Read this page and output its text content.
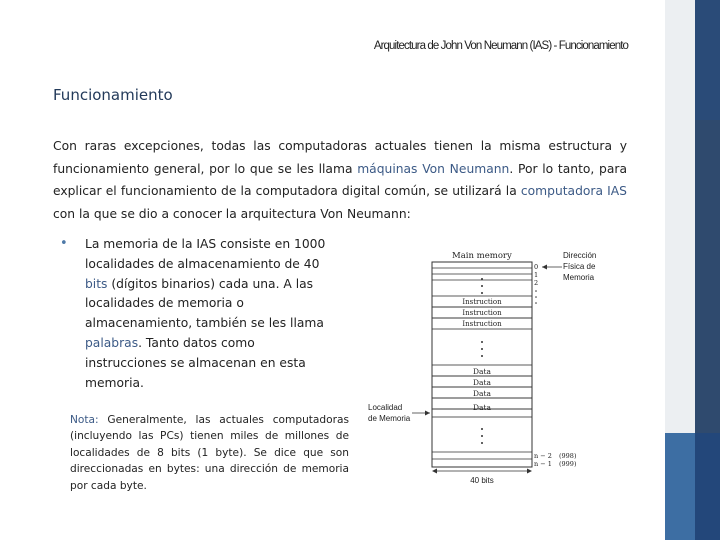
Arquitectura de John Von Neumann (IAS) - Funcionamiento
Funcionamiento

Con raras excepciones, todas las computadoras actuales tienen la misma estructura y funcionamiento general, por lo que se les llama máquinas Von Neumann. Por lo tanto, para explicar el funcionamiento de la computadora digital común, se utilizará la computadora IAS con la que se dio a conocer la arquitectura Von Neumann:

• La memoria de la IAS consiste en 1000 localidades de almacenamiento de 40 bits (dígitos binarios) cada una. A las localidades de memoria o almacenamiento, también se les llama palabras. Tanto datos como instrucciones se almacenan en esta memoria.

Nota: Generalmente, las actuales computadoras (incluyendo las PCs) tienen miles de millones de localidades de 8 bits (1 byte). Se dice que son direccionadas en bytes: una dirección de memoria por cada byte.

Main memory
Instruction
Instruction
Instruction
Data
Data
Data
Data
0
1
2
n − 2 (998)
n − 1 (999)
Dirección
Física de
Memoria
Localidad
de Memoria
40 bits
